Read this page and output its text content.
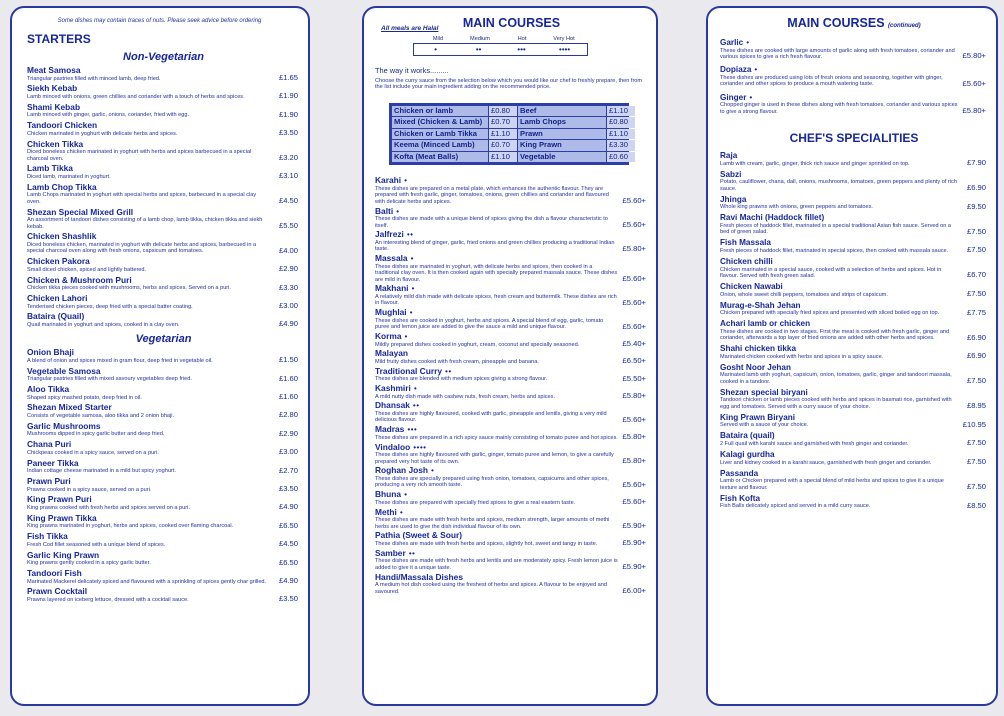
Some dishes may contain traces of nuts. Please seek advice before ordering
STARTERS
Non-Vegetarian
Meat Samosa
Triangular pastries filled with minced lamb, deep fried.	£1.65
Siekh Kebab
Lamb minced with onions, green chillies and coriander with a touch of herbs and spices.	£1.90
Shami Kebab
Lamb minced with ginger, garlic, onions, coriander, fried with egg.	£1.90
Tandoori Chicken
Chicken marinated in yoghurt with delicate herbs and spices.	£3.50
Chicken Tikka
Diced boneless chicken marinated in yoghurt with herbs and spices barbecued in a special charcoal oven.	£3.20
Lamb Tikka
Diced lamb, marinated in yoghurt.	£3.10
Lamb Chop Tikka
Lamb Chops marinated in yoghurt with special herbs and spices, barbecued in a special clay oven.	£4.50
Shezan Special Mixed Grill
An assortment of tandoori dishes consisting of a lamb chop, lamb tikka, chicken tikka and siekh kebab.	£5.50
Chicken Shashlik
Diced boneless chicken, marinated in yoghurt with delicate herbs and spices, barbecued in a special charcoal oven along with fresh onions, capsicum and tomatoes.	£4.00
Chicken Pakora
Small diced chicken, spiced and lightly battered.	£2.90
Chicken & Mushroom Puri
Chicken tikka pieces cooked with mushrooms, herbs and spices. Served on a puri.	£3.30
Chicken Lahori
Tenderised chicken pieces, deep fried with a special batter coating.	£3.00
Bataira (Quail)
Quail marinated in yoghurt and spices, cooked in a clay oven.	£4.90
Vegetarian
Onion Bhaji
A blend of onion and spices mixed in gram flour, deep fried in vegetable oil.	£1.50
Vegetable Samosa
Triangular pastries filled with mixed savoury vegetables deep fried.	£1.60
Aloo Tikka
Shaped spicy mashed potato, deep fried in oil.	£1.60
Shezan Mixed Starter
Consists of vegetable samosa, aloo tikka and 2 onion bhaji.	£2.80
Garlic Mushrooms
Mushrooms dipped in spicy garlic butter and deep fried.	£2.90
Chana Puri
Chickpeas cooked in a spicy sauce, served on a puri.	£3.00
Paneer Tikka
Indian cottage cheese marinated in a mild but spicy yoghurt.	£2.70
Prawn Puri
Prawns cooked in a spicy sauce, served on a puri.	£3.50
King Prawn Puri
King prawns cooked with fresh herbs and spices served on a puri.	£4.90
King Prawn Tikka
King prawns marinated in yoghurt, herbs and spices, cooked over flaming charcoal.	£6.50
Fish Tikka
Fresh Cod fillet seasoned with a unique blend of spices.	£4.50
Garlic King Prawn
King prawns gently cooked in a spicy garlic butter.	£6.50
Tandoori Fish
Marinated Mackerel delicately spiced and flavoured with a sprinkling of spices gently char grilled.	£4.90
Prawn Cocktail
Prawns layered on iceberg lettuce, dressed with a cocktail sauce.	£3.50
All meals are Halal	MAIN COURSES
Mild	Medium	Hot	Very Hot
•	••	•••	••••
The way it works.........
Choose the curry sauce from the selection below which you would like our chef to freshly prepare, then from the list include your main ingredient adding on the recommended price.
Chicken or lamb	£0.80	Beef	£1.10
Mixed (Chicken & Lamb)	£0.70	Lamb Chops	£0.80
Chicken or Lamb Tikka	£1.10	Prawn	£1.10
Keema (Minced Lamb)	£0.70	King Prawn	£3.30
Kofta (Meat Balls)	£1.10	Vegetable	£0.60
Karahi •
These dishes are prepared on a metal plate, which enhances the authentic flavour. They are prepared with fresh garlic, ginger, tomatoes, onions, green chillies and coriander and flavoured with delicate herbs and spices.	£5.60+
Balti •
These dishes are made with a unique blend of spices giving the dish a flavour characteristic to itself.	£5.60+
Jalfrezi ••
An interesting blend of ginger, garlic, fried onions and green chillies producing a traditional Indian taste.	£5.80+
Massala •
These dishes are marinated in yoghurt, with delicate herbs and spices, then cooked in a traditional clay oven. It is then cooked again with specially prepared massala sauce. These dishes are mild in flavour.	£5.60+
Makhani •
A relatively mild dish made with delicate spices, fresh cream and buttermilk. These dishes are rich in flavour.	£5.60+
Mughlai •
These dishes are cooked in yoghurt, herbs and spices. A special blend of egg, garlic, tomato puree and lemon juice are added to give the sauce a mild and unique flavour.	£5.60+
Korma •
Mildly prepared dishes cooked in yoghurt, cream, coconut and specially seasoned.	£5.40+
Malayan
Mild fruity dishes cooked with fresh cream, pineapple and banana.	£6.50+
Traditional Curry ••
These dishes are blended with medium spices giving a strong flavour.	£5.50+
Kashmiri •
A mild nutty dish made with cashew nuts, fresh cream, herbs and spices.	£5.80+
Dhansak ••
These dishes are highly flavoured, cooked with garlic, pineapple and lentils, giving a very mild delicious flavour.	£5.60+
Madras •••
These dishes are prepared in a rich spicy sauce mainly consisting of tomato puree and hot spices. £5.80+
Vindaloo ••••
These dishes are highly flavoured with garlic, ginger, tomato puree and lemon, to give a carefully prepared very hot taste of its own.	£5.80+
Roghan Josh •
These dishes are specially prepared using fresh onion, tomatoes, capsicums and other spices, producing a very rich smooth taste.	£5.60+
Bhuna •
These dishes are prepared with specially fried spices to give a real eastern taste.	£5.60+
Methi •
These dishes are made with fresh herbs and spices, medium strength, larger amounts of methi herbs are used to give the dish individual flavour of its own.	£5.90+
Pathia (Sweet & Sour)
These dishes are made with fresh herbs and spices, slightly hot, sweet and tangy in taste.	£5.90+
Samber ••
These dishes are made with fresh herbs and lentils and are moderately spicy. Fresh lemon juice is added to give it a unique taste.	£5.90+
Handi/Massala Dishes
A medium hot dish cooked using the freshest of herbs and spices. A flavour to be enjoyed and savoured.	£6.00+
MAIN COURSES (continued)
Garlic •
These dishes are cooked with large amounts of garlic along with fresh tomatoes, coriander and various spices to give a rich fresh flavour.	£5.80+
Dopiaza •
These dishes are produced using lots of fresh onions and seasoning, together with ginger, coriander and other spices to produce a mouth watering taste.	£5.60+
Ginger •
Chopped ginger is used in these dishes along with fresh tomatoes, coriander and various spices to give a strong flavour.	£5.80+
CHEF'S SPECIALITIES
Raja
Lamb with cream, garlic, ginger, thick rich sauce and ginger sprinkled on top.	£7.90
Sabzi
Potato, cauliflower, chana, dall, onions, mushrooms, tomatoes, green peppers and plenty of rich sauce.	£6.90
Jhinga
Whole king prawns with onions, green peppers and tomatoes.	£9.50
Ravi Machi (Haddock fillet)
Fresh pieces of haddock fillet, marinated in a special traditional Asian fish sauce. Served on a bed of green salad.	£7.50
Fish Massala
Fresh pieces of haddock fillet, marinated in special spices, then cooked with massala sauce.	£7.50
Chicken chilli
Chicken marinated in a special sauce, cooked with a selection of herbs and spices. Hot in flavour. Served with fresh green salad.	£6.70
Chicken Nawabi
Onion, whole sweet chilli peppers, tomatoes and strips of capsicum.	£7.50
Murag-e-Shah Jehan
Chicken prepared with specially fried spices and presented with sliced boiled egg on top.	£7.75
Achari lamb or chicken
These dishes are cooked in two stages. First the meat is cooked with fresh garlic, ginger and coriander, afterwards a top layer of fried onions are added with other herbs and spices.	£6.90
Shahi chicken tikka
Marinated chicken cooked with herbs and spices in a spicy sauce.	£6.90
Gosht Noor Jehan
Marinated lamb with yoghurt, capsicum, onion, tomatoes, garlic, ginger and tandoori massala, cooked in a tandoor.	£7.50
Shezan special biryani
Tandoori chicken or lamb pieces cooked with herbs and spices in basmati rice, garnished with egg and tomatoes. Served with a curry sauce of your choice.	£8.95
King Prawn Biryani
Served with a sauce of your choice.	£10.95
Bataira (quail)
2 Full quail with karahi sauce and garnished with fresh ginger and coriander.	£7.50
Kalagi gurdha
Liver and kidney cooked in a karahi sauce, garnished with fresh ginger and coriander.	£7.50
Passanda
Lamb or Chicken prepared with a special blend of mild herbs and spices to give it a unique texture and flavour.	£7.50
Fish Kofta
Fish Balls delicately spiced and served in a mild curry sauce.	£8.50
